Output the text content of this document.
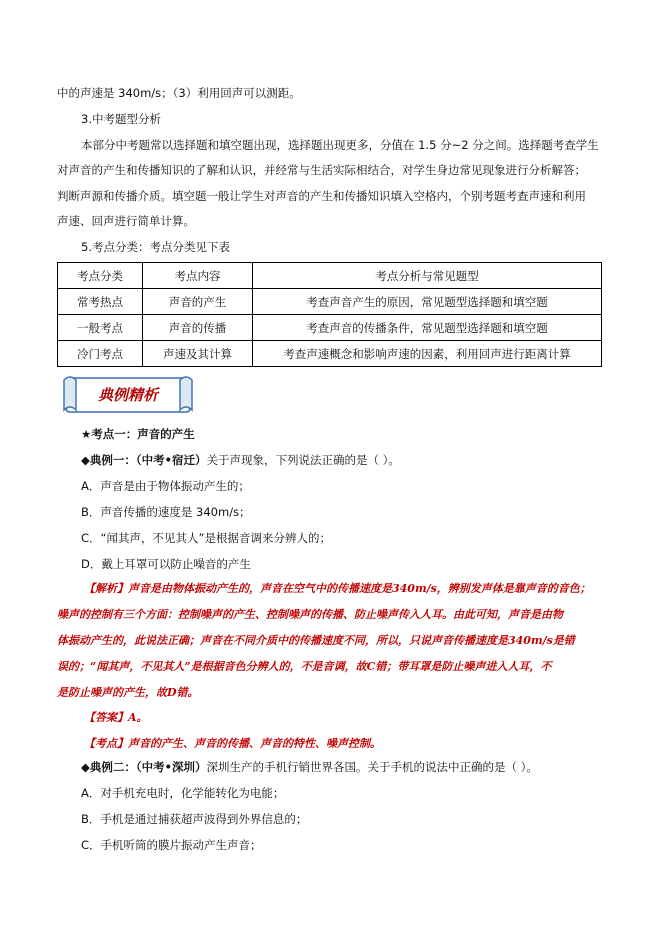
中的声速是 340m/s；（3）利用回声可以测距。
3.中考题型分析
本部分中考题常以选择题和填空题出现，选择题出现更多，分值在 1.5 分~2 分之间。选择题考查学生
对声音的产生和传播知识的了解和认识，并经常与生活实际相结合，对学生身边常见现象进行分析解答；
判断声源和传播介质。填空题一般让学生对声音的产生和传播知识填入空格内，个别考题考查声速和利用
声速、回声进行简单计算。
5.考点分类：考点分类见下表
考点分类	考点内容	考点分析与常见题型
常考热点	声音的产生	考查声音产生的原因，常见题型选择题和填空题
一般考点	声音的传播	考查声音的传播条件，常见题型选择题和填空题
冷门考点	声速及其计算	考查声速概念和影响声速的因素，利用回声进行距离计算
典例精析
★考点一：声音的产生
◆典例一：（中考•宿迁）关于声现象，下列说法正确的是（ ）。
A．声音是由于物体振动产生的；
B．声音传播的速度是 340m/s；
C．“闻其声，不见其人”是根据音调来分辨人的；
D．戴上耳罩可以防止噪音的产生
【解析】声音是由物体振动产生的，声音在空气中的传播速度是340m/s，辨别发声体是靠声音的音色；
噪声的控制有三个方面：控制噪声的产生、控制噪声的传播、防止噪声传入人耳。由此可知，声音是由物
体振动产生的，此说法正确；声音在不同介质中的传播速度不同，所以，只说声音传播速度是340m/s是错
误的；“闻其声，不见其人”是根据音色分辨人的，不是音调，故C错；带耳罩是防止噪声进入人耳，不
是防止噪声的产生，故D错。
【答案】A。
【考点】声音的产生、声音的传播、声音的特性、噪声控制。
◆典例二：（中考•深圳）深圳生产的手机行销世界各国。关于手机的说法中正确的是（ ）。
A．对手机充电时，化学能转化为电能；
B．手机是通过捕获超声波得到外界信息的；
C．手机听筒的膜片振动产生声音；
